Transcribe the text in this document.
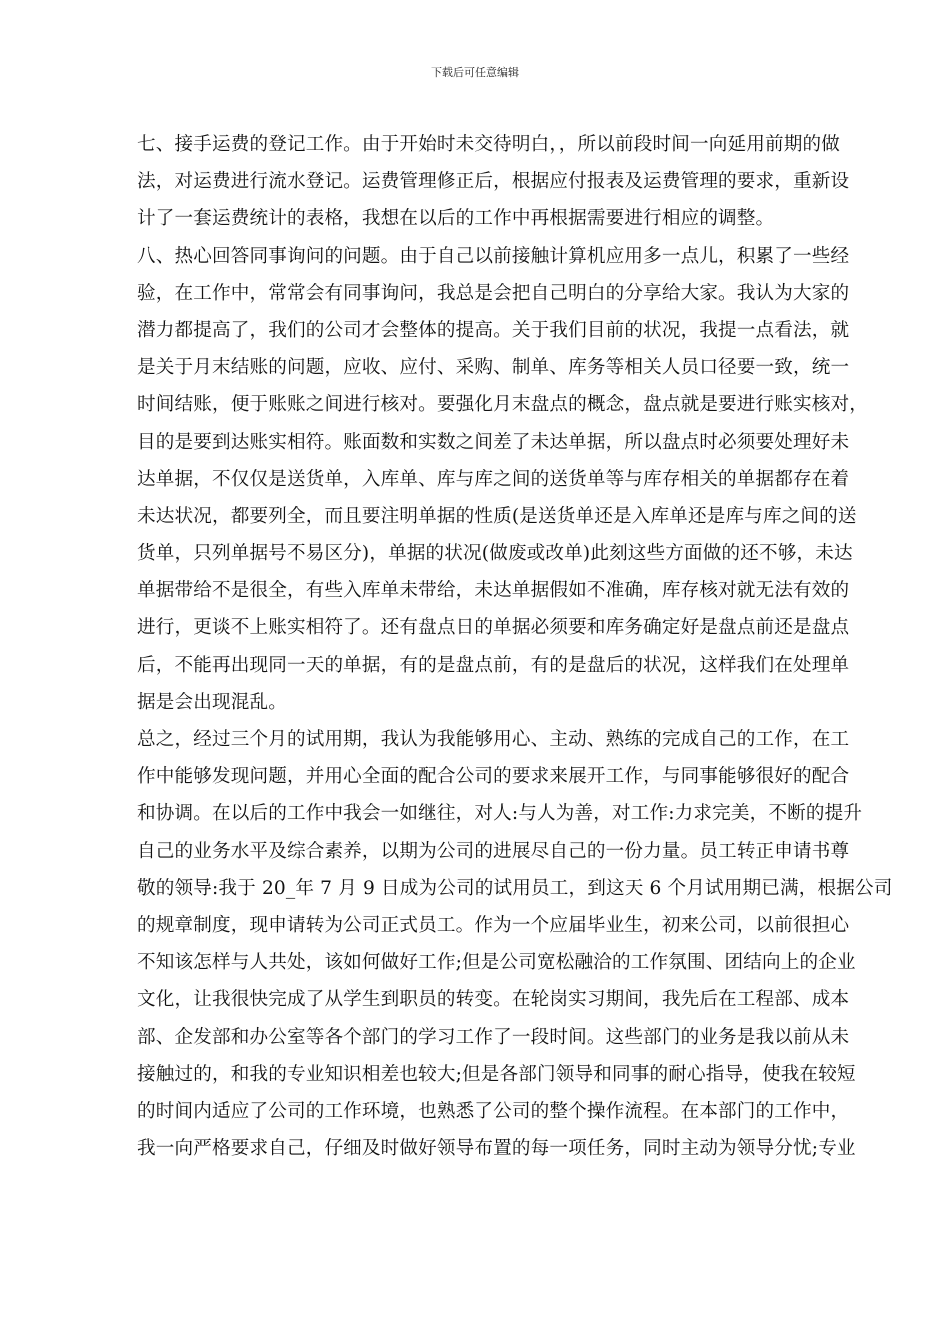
下载后可任意编辑
七、接手运费的登记工作。由于开始时未交待明白，，所以前段时间一向延用前期的做
法，对运费进行流水登记。运费管理修正后，根据应付报表及运费管理的要求，重新设
计了一套运费统计的表格，我想在以后的工作中再根据需要进行相应的调整。
八、热心回答同事询问的问题。由于自己以前接触计算机应用多一点儿，积累了一些经
验，在工作中，常常会有同事询问，我总是会把自己明白的分享给大家。我认为大家的
潜力都提高了，我们的公司才会整体的提高。关于我们目前的状况，我提一点看法，就
是关于月末结账的问题，应收、应付、采购、制单、库务等相关人员口径要一致，统一
时间结账，便于账账之间进行核对。要强化月末盘点的概念，盘点就是要进行账实核对，
目的是要到达账实相符。账面数和实数之间差了未达单据，所以盘点时必须要处理好未
达单据，不仅仅是送货单，入库单、库与库之间的送货单等与库存相关的单据都存在着
未达状况，都要列全，而且要注明单据的性质(是送货单还是入库单还是库与库之间的送
货单，只列单据号不易区分)，单据的状况(做废或改单)此刻这些方面做的还不够，未达
单据带给不是很全，有些入库单未带给，未达单据假如不准确，库存核对就无法有效的
进行，更谈不上账实相符了。还有盘点日的单据必须要和库务确定好是盘点前还是盘点
后，不能再出现同一天的单据，有的是盘点前，有的是盘后的状况，这样我们在处理单
据是会出现混乱。
总之，经过三个月的试用期，我认为我能够用心、主动、熟练的完成自己的工作，在工
作中能够发现问题，并用心全面的配合公司的要求来展开工作，与同事能够很好的配合
和协调。在以后的工作中我会一如继往，对人:与人为善，对工作:力求完美，不断的提升
自己的业务水平及综合素养，以期为公司的进展尽自己的一份力量。员工转正申请书尊
敬的领导:我于 20_年 7 月 9 日成为公司的试用员工，到这天 6 个月试用期已满，根据公司
的规章制度，现申请转为公司正式员工。作为一个应届毕业生，初来公司，以前很担心
不知该怎样与人共处，该如何做好工作;但是公司宽松融洽的工作氛围、团结向上的企业
文化，让我很快完成了从学生到职员的转变。在轮岗实习期间，我先后在工程部、成本
部、企发部和办公室等各个部门的学习工作了一段时间。这些部门的业务是我以前从未
接触过的，和我的专业知识相差也较大;但是各部门领导和同事的耐心指导，使我在较短
的时间内适应了公司的工作环境，也熟悉了公司的整个操作流程。在本部门的工作中，
我一向严格要求自己，仔细及时做好领导布置的每一项任务，同时主动为领导分忧;专业
